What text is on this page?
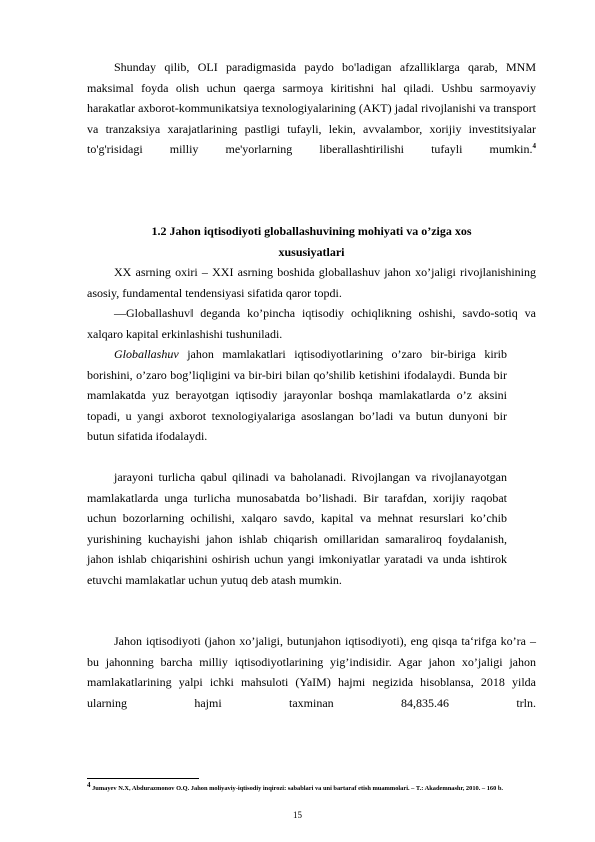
Shunday qilib, OLI paradigmasida paydo bo'ladigan afzalliklarga qarab, MNM maksimal foyda olish uchun qaerga sarmoya kiritishni hal qiladi. Ushbu sarmoyaviy harakatlar axborot-kommunikatsiya texnologiyalarining (AKT) jadal rivojlanishi va transport va tranzaksiya xarajatlarining pastligi tufayli, lekin, avvalambor, xorijiy investitsiyalar to'g'risidagi milliy me'yorlarning liberallashtirilishi tufayli mumkin.$^4$

1.2 Jahon iqtisodiyoti globallashuvining mohiyati va o’ziga xos

xususiyatlari

XX asrning oxiri – XXI asrning boshida globallashuv jahon xo’jaligi rivojlanishining asosiy, fundamental tendensiyasi sifatida qaror topdi.

―Globallashuv‖ deganda ko’pincha iqtisodiy ochiqlikning oshishi, savdo-sotiq va xalqaro kapital erkinlashishi tushuniladi.

Globallashuv jahon mamlakatlari iqtisodiyotlarining o’zaro bir-biriga kirib borishini, o’zaro bog’liqligini va bir-biri bilan qo’shilib ketishini ifodalaydi. Bunda bir mamlakatda yuz berayotgan iqtisodiy jarayonlar boshqa mamlakatlarda o’z aksini topadi, u yangi axborot texnologiyalariga asoslangan bo’ladi va butun dunyoni bir butun sifatida ifodalaydi.

jarayoni turlicha qabul qilinadi va baholanadi. Rivojlangan va rivojlanayotgan mamlakatlarda unga turlicha munosabatda bo’lishadi. Bir tarafdan, xorijiy raqobat uchun bozorlarning ochilishi, xalqaro savdo, kapital va mehnat resurslari ko’chib yurishining kuchayishi jahon ishlab chiqarish omillaridan samaraliroq foydalanish, jahon ishlab chiqarishini oshirish uchun yangi imkoniyatlar yaratadi va unda ishtirok etuvchi mamlakatlar uchun yutuq deb atash mumkin.

Jahon iqtisodiyoti (jahon xo’jaligi, butunjahon iqtisodiyoti), eng qisqa ta‘rifga ko’ra – bu jahonning barcha milliy iqtisodiyotlarining yig’indisidir. Agar jahon xo’jaligi jahon mamlakatlarining yalpi ichki mahsuloti (YaIM) hajmi negizida hisoblansa, 2018 yilda ularning hajmi taxminan 84,835.46 trln.

$^4$ Jumayev N.X, Abdurazmonov O.Q. Jahon moliyaviy-iqtisodiy inqirozi: sabablari va uni bartaraf etish muammolari. – T.: Akademnashr, 2010. – 160 b.

15
